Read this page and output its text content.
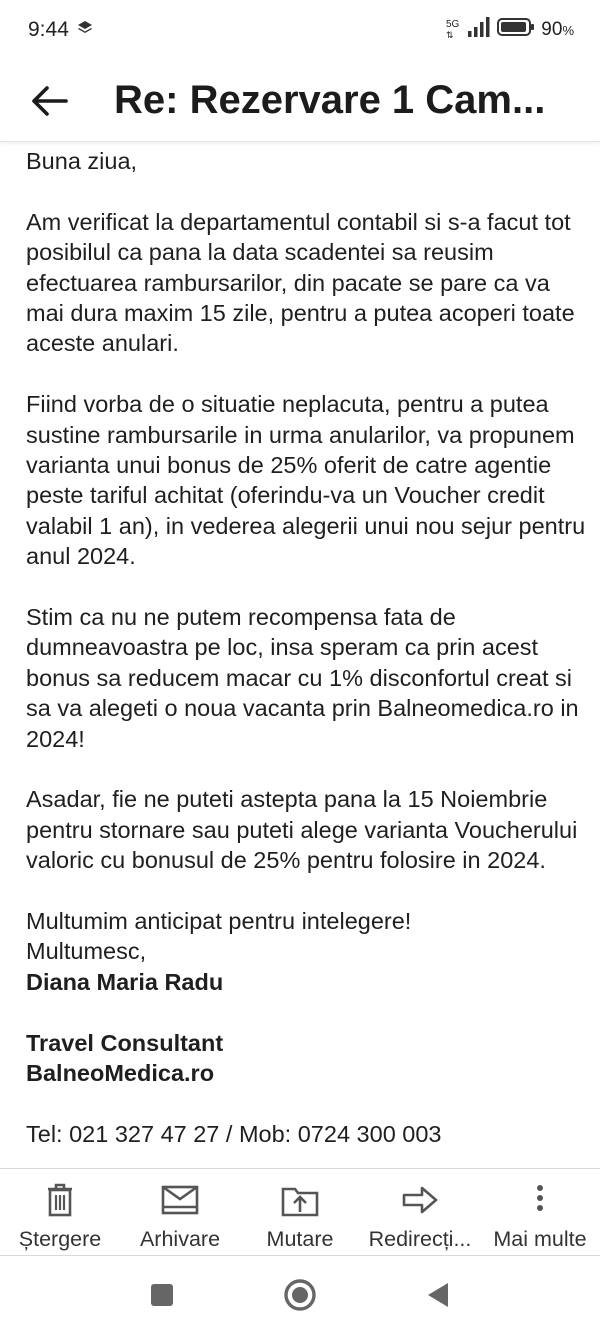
9:44	5G
⇅	90%
Re: Rezervare 1 Cam...
Buna ziua,
Am verificat la departamentul contabil si s-a facut tot posibilul ca pana la data scadentei sa reusim efectuarea rambursarilor, din pacate se pare ca va mai dura maxim 15 zile, pentru a putea acoperi toate aceste anulari.
Fiind vorba de o situatie neplacuta, pentru a putea sustine rambursarile in urma anularilor, va propunem varianta unui bonus de 25% oferit de catre agentie peste tariful achitat (oferindu-va un Voucher credit valabil 1 an), in vederea alegerii unui nou sejur pentru anul 2024.
Stim ca nu ne putem recompensa fata de dumneavoastra pe loc, insa speram ca prin acest bonus sa reducem macar cu 1% disconfortul creat si sa va alegeti o noua vacanta prin Balneomedica.ro in 2024!
Asadar, fie ne puteti astepta pana la 15 Noiembrie pentru stornare sau puteti alege varianta Voucherului valoric cu bonusul de 25% pentru folosire in 2024.
Multumim anticipat pentru intelegere!
Multumesc,
Diana Maria Radu
Travel Consultant
BalneoMedica.ro
Tel: 021 327 47 27 / Mob: 0724 300 003
Ștergere Arhivare Mutare Redirecți... Mai multe
